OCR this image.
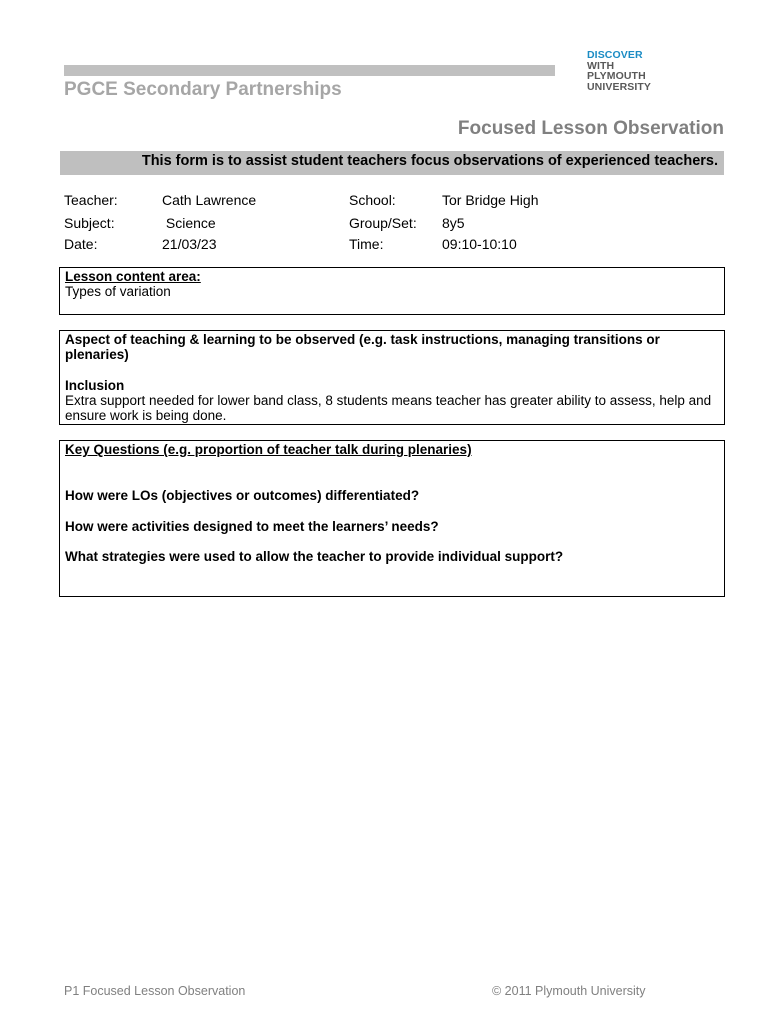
PGCE Secondary Partnerships
DISCOVER
WITH
PLYMOUTH
UNIVERSITY
Focused Lesson Observation
This form is to assist student teachers focus observations of experienced teachers.
Teacher:	Cath Lawrence	School:	Tor Bridge High
Subject:	Science	Group/Set: 8y5
Date:	21/03/23	Time:	09:10-10:10
Lesson content area:
Types of variation
Aspect of teaching & learning to be observed (e.g. task instructions, managing transitions or
plenaries)
Inclusion
Extra support needed for lower band class, 8 students means teacher has greater ability to assess, help and
ensure work is being done.
Key Questions (e.g. proportion of teacher talk during plenaries)
How were LOs (objectives or outcomes) differentiated?
How were activities designed to meet the learners’ needs?
What strategies were used to allow the teacher to provide individual support?
P1 Focused Lesson Observation	© 2011 Plymouth University
